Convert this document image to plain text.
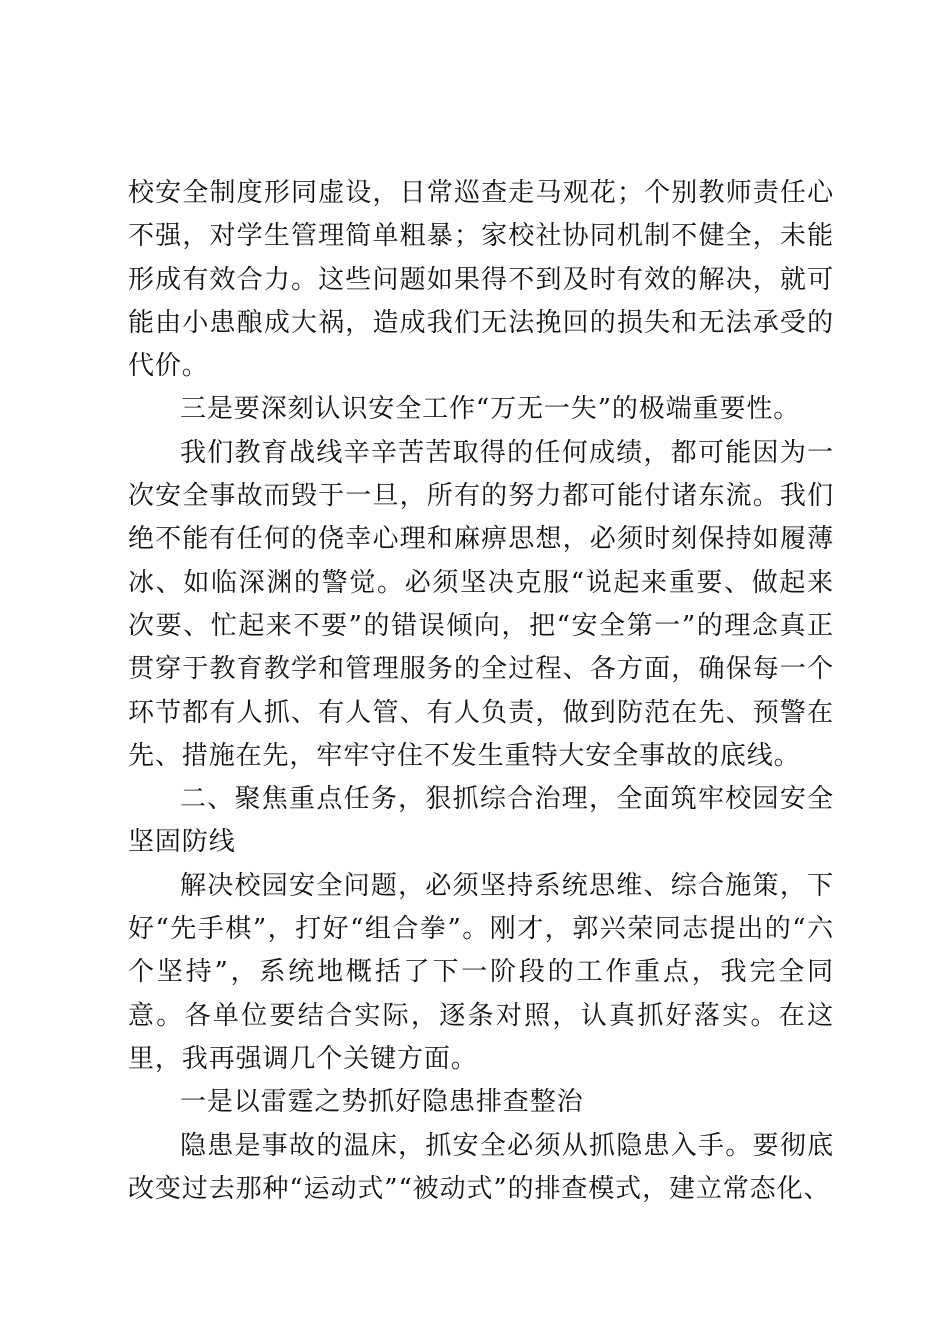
校安全制度形同虚设，日常巡查走马观花；个别教师责任心不强，对学生管理简单粗暴；家校社协同机制不健全，未能形成有效合力。这些问题如果得不到及时有效的解决，就可能由小患酿成大祸，造成我们无法挽回的损失和无法承受的代价。

三是要深刻认识安全工作“万无一失”的极端重要性。

我们教育战线辛辛苦苦取得的任何成绩，都可能因为一次安全事故而毁于一旦，所有的努力都可能付诸东流。我们绝不能有任何的侥幸心理和麻痹思想，必须时刻保持如履薄冰、如临深渊的警觉。必须坚决克服“说起来重要、做起来次要、忙起来不要”的错误倾向，把“安全第一”的理念真正贯穿于教育教学和管理服务的全过程、各方面，确保每一个环节都有人抓、有人管、有人负责，做到防范在先、预警在先、措施在先，牢牢守住不发生重特大安全事故的底线。

二、聚焦重点任务，狠抓综合治理，全面筑牢校园安全坚固防线

解决校园安全问题，必须坚持系统思维、综合施策，下好“先手棋”，打好“组合拳”。刚才，郭兴荣同志提出的“六个坚持”，系统地概括了下一阶段的工作重点，我完全同意。各单位要结合实际，逐条对照，认真抓好落实。在这里，我再强调几个关键方面。

一是以雷霆之势抓好隐患排查整治

隐患是事故的温床，抓安全必须从抓隐患入手。要彻底改变过去那种“运动式”“被动式”的排查模式，建立常态化、
